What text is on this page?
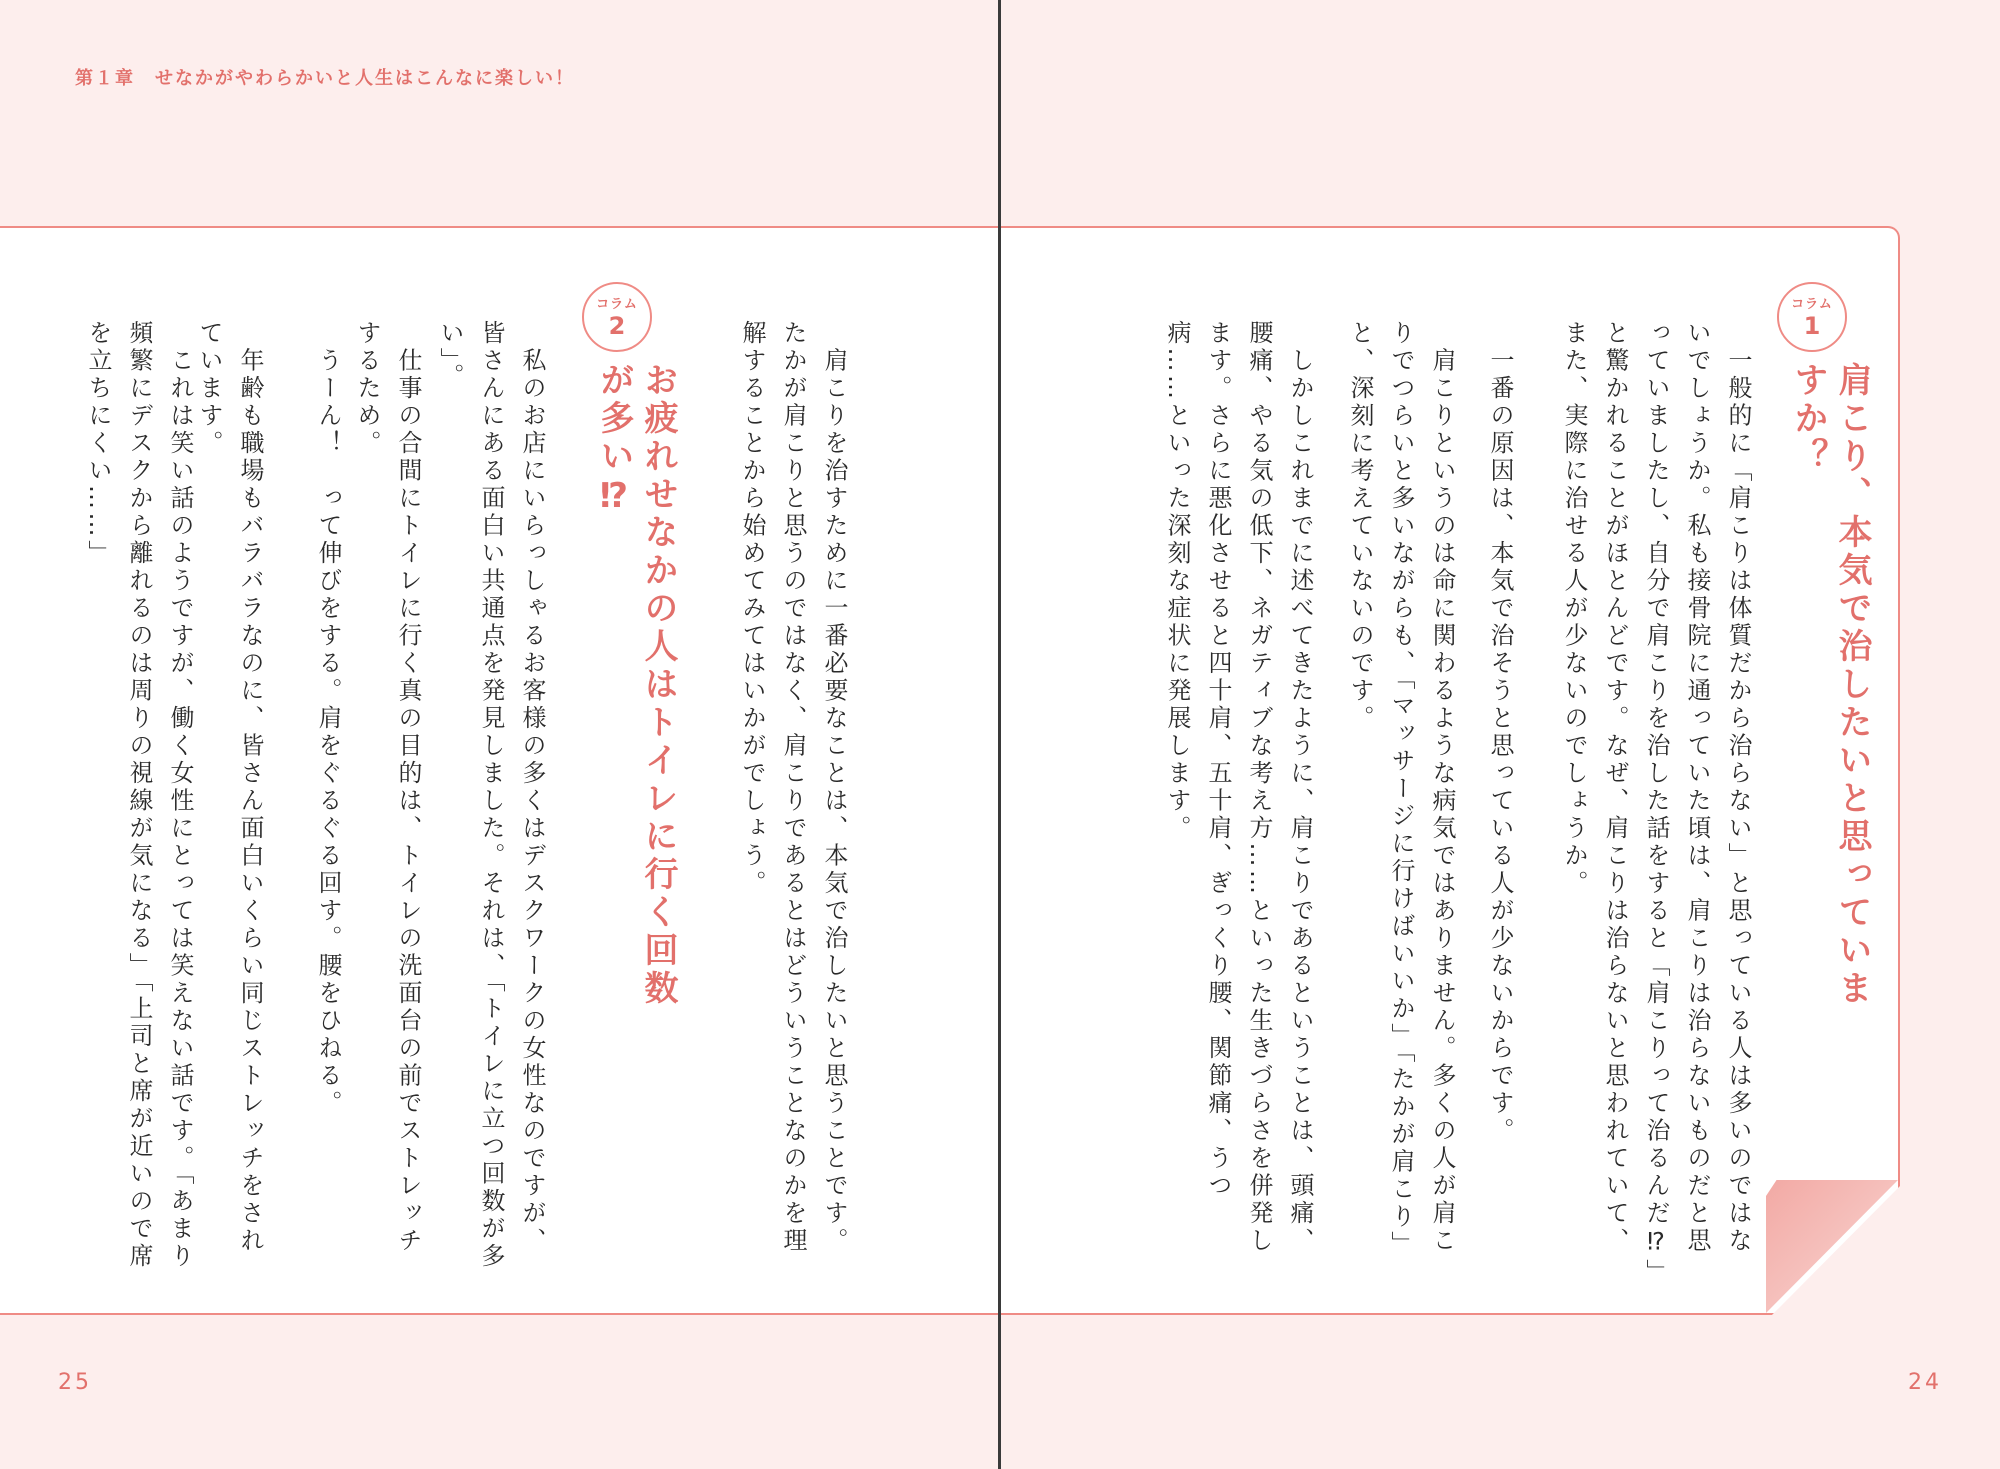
第１章　せなかがやわらかいと人生はこんなに楽しい！
コラム
1
肩こり、本気で治したいと思っていますか？
　一般的に「肩こりは体質だから治らない」と思っている人は多いのではないでしょうか。私も接骨院に通っていた頃は、肩こりは治らないものだと思っていましたし、自分で肩こりを治した話をすると「肩こりって治るんだ⁉」と驚かれることがほとんどです。なぜ、肩こりは治らないと思われていて、また、実際に治せる人が少ないのでしょうか。
　一番の原因は、本気で治そうと思っている人が少ないからです。
　肩こりというのは命に関わるような病気ではありません。多くの人が肩こりでつらいと多いながらも、「マッサージに行けばいいか」「たかが肩こり」と、深刻に考えていないのです。
　しかしこれまでに述べてきたように、肩こりであるということは、頭痛、腰痛、やる気の低下、ネガティブな考え方……といった生きづらさを併発します。さらに悪化させると四十肩、五十肩、ぎっくり腰、関節痛、うつ病……といった深刻な症状に発展します。
24
　肩こりを治すために一番必要なことは、本気で治したいと思うことです。たかが肩こりと思うのではなく、肩こりであるとはどういうことなのかを理解することから始めてみてはいかがでしょう。
コラム
2
お疲れせなかの人はトイレに行く回数が多い⁉
　私のお店にいらっしゃるお客様の多くはデスクワークの女性なのですが、皆さんにある面白い共通点を発見しました。それは、「トイレに立つ回数が多い」。
　仕事の合間にトイレに行く真の目的は、トイレの洗面台の前でストレッチするため。
　うーん！　って伸びをする。肩をぐるぐる回す。腰をひねる。
　年齢も職場もバラバラなのに、皆さん面白いくらい同じストレッチをされています。
　これは笑い話のようですが、働く女性にとっては笑えない話です。「あまり頻繁にデスクから離れるのは周りの視線が気になる」「上司と席が近いので席を立ちにくい……」
25
